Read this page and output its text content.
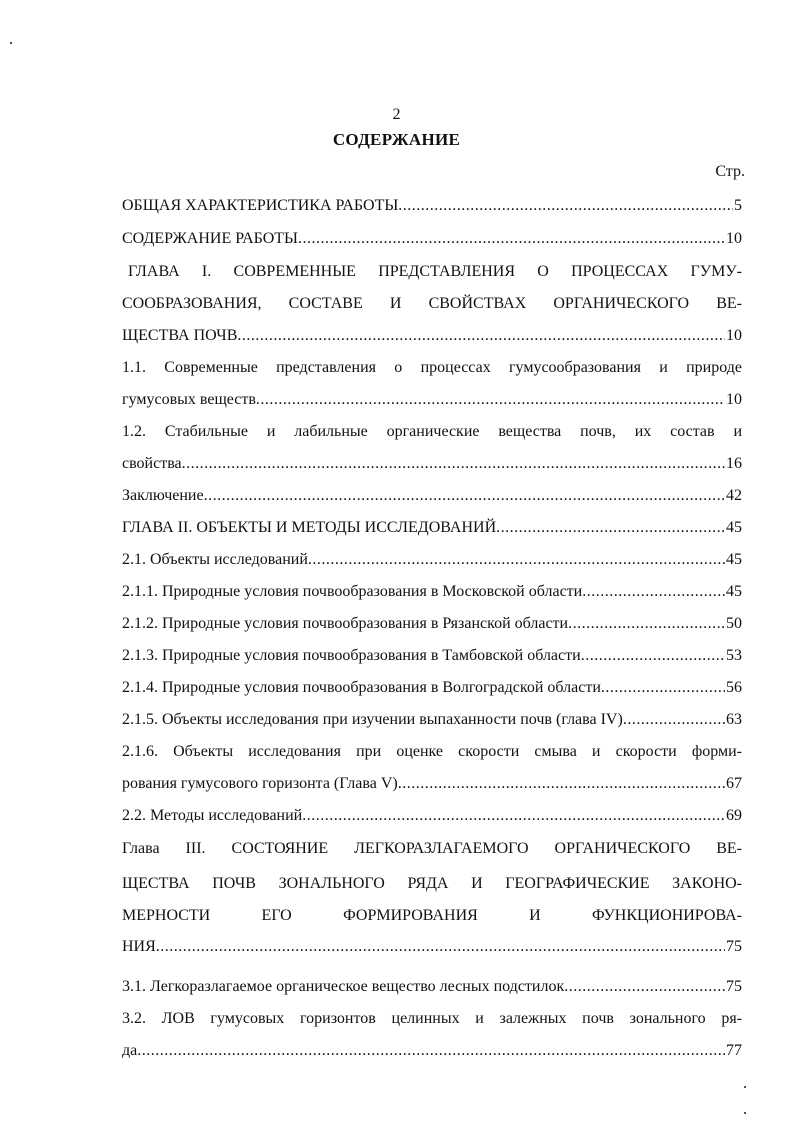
2
СОДЕРЖАНИЕ
Стр.
ОБЩАЯ ХАРАКТЕРИСТИКА РАБОТЫ .....	5
СОДЕРЖАНИЕ РАБОТЫ .....	10
ГЛАВА I. СОВРЕМЕННЫЕ ПРЕДСТАВЛЕНИЯ О ПРОЦЕССАХ ГУМУ-
СООБРАЗОВАНИЯ, СОСТАВЕ И СВОЙСТВАХ ОРГАНИЧЕСКОГО ВЕ-
ЩЕСТВА ПОЧВ .....	10
1.1. Современные представления о процессах гумусообразования и природе
гумусовых веществ .....	10
1.2. Стабильные и лабильные органические вещества почв, их состав и
свойства .....	16
Заключение .....	42
ГЛАВА II. ОБЪЕКТЫ И МЕТОДЫ ИССЛЕДОВАНИЙ .....	45
2.1. Объекты исследований .....	45
2.1.1. Природные условия почвообразования в Московской области .....	45
2.1.2. Природные условия почвообразования в Рязанской области .....	50
2.1.3. Природные условия почвообразования в Тамбовской области .....	53
2.1.4. Природные условия почвообразования в Волгоградской области .....	56
2.1.5. Объекты исследования при изучении выпаханности почв (глава IV) .....	63
2.1.6. Объекты исследования при оценке скорости смыва и скорости форми-
рования гумусового горизонта (Глава V) .....	67
2.2. Методы исследований .....	69
Глава III. СОСТОЯНИЕ ЛЕГКОРАЗЛАГАЕМОГО ОРГАНИЧЕСКОГО ВЕ-
ЩЕСТВА ПОЧВ ЗОНАЛЬНОГО РЯДА И ГЕОГРАФИЧЕСКИЕ ЗАКОНО-
МЕРНОСТИ ЕГО ФОРМИРОВАНИЯ И ФУНКЦИОНИРОВА-
НИЯ .....	75
3.1. Легкоразлагаемое органическое вещество лесных подстилок .....	75
3.2. ЛОВ гумусовых горизонтов целинных и залежных почв зонального ря-
да .....	77
